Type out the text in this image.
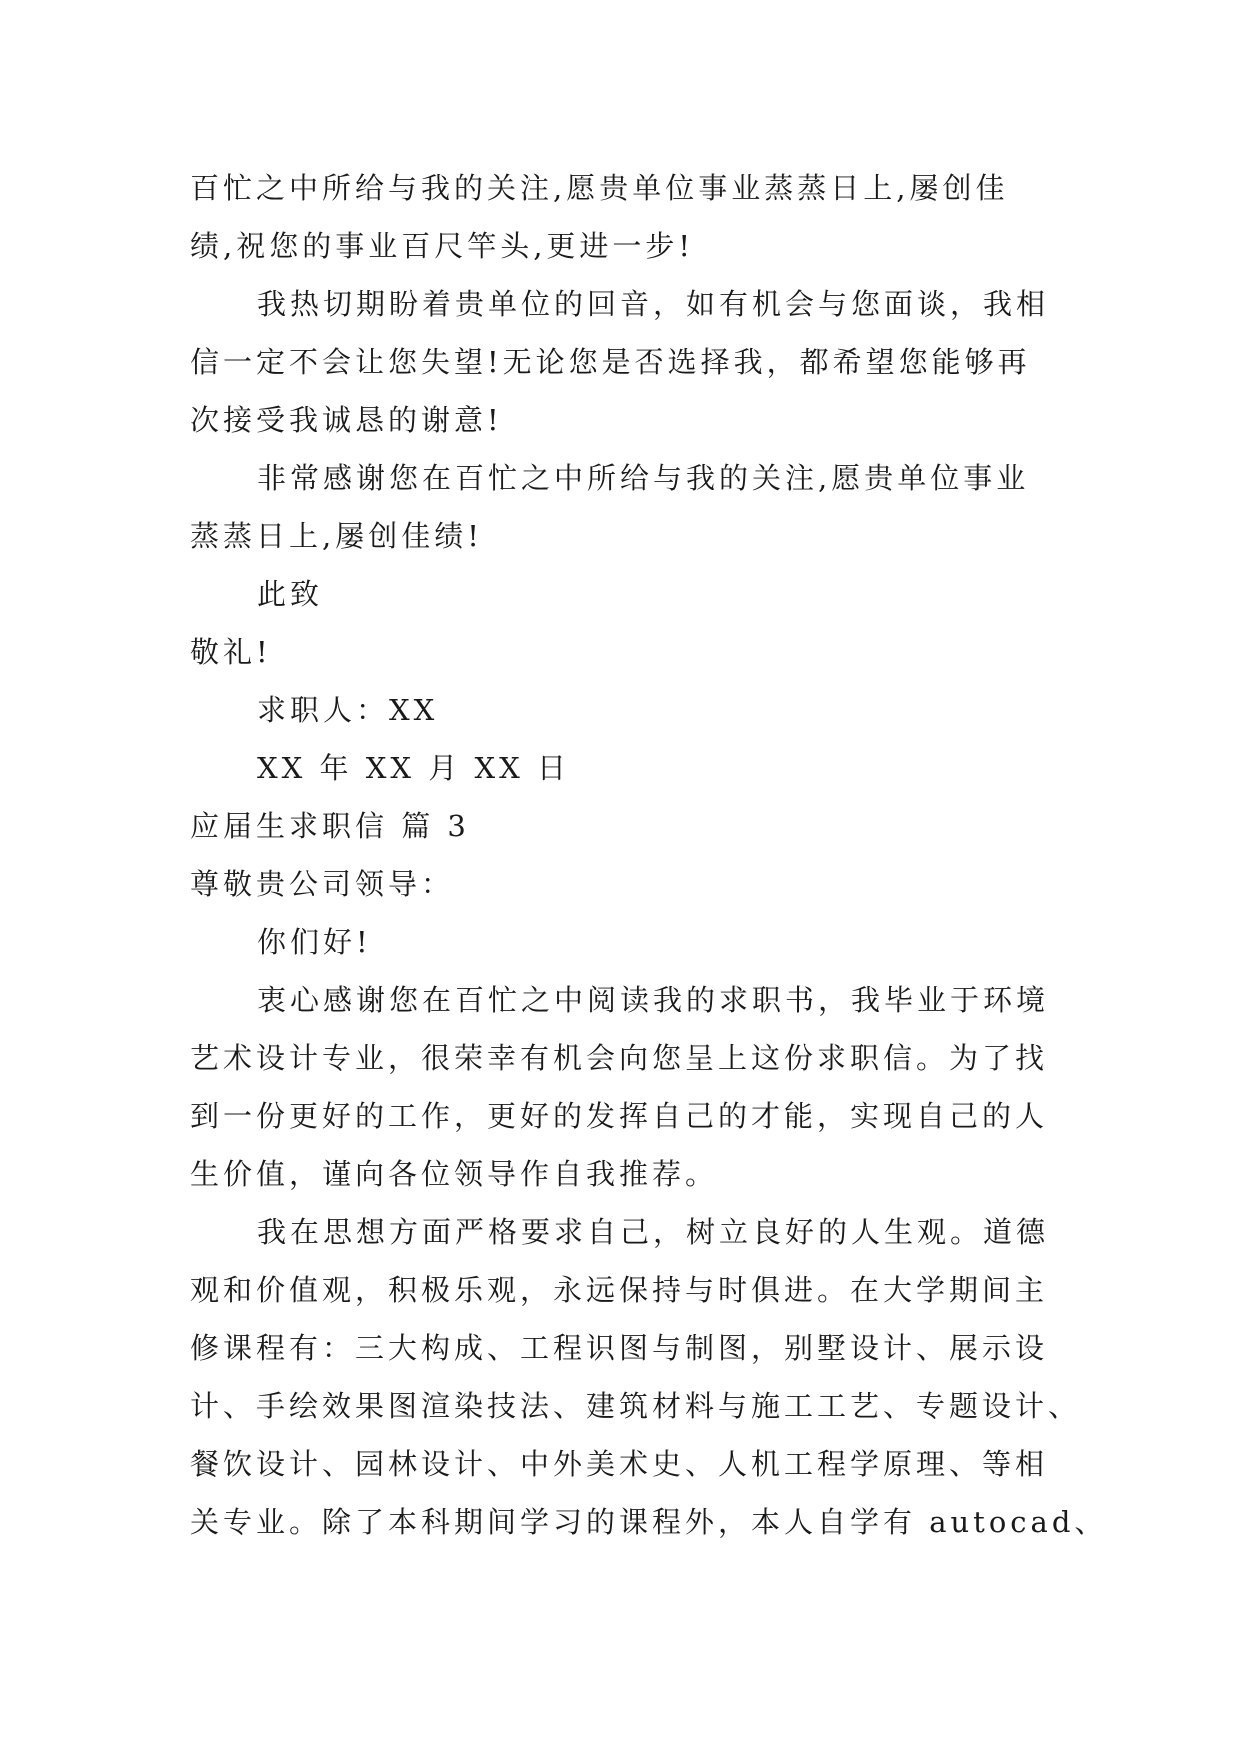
百忙之中所给与我的关注,愿贵单位事业蒸蒸日上,屡创佳
绩,祝您的事业百尺竿头,更进一步!
我热切期盼着贵单位的回音，如有机会与您面谈，我相
信一定不会让您失望!无论您是否选择我，都希望您能够再
次接受我诚恳的谢意!
非常感谢您在百忙之中所给与我的关注,愿贵单位事业
蒸蒸日上,屡创佳绩!
此致
敬礼!
求职人：XX
XX 年 XX 月 XX 日
应届生求职信 篇 3
尊敬贵公司领导：
你们好!
衷心感谢您在百忙之中阅读我的求职书，我毕业于环境
艺术设计专业，很荣幸有机会向您呈上这份求职信。为了找
到一份更好的工作，更好的发挥自己的才能，实现自己的人
生价值，谨向各位领导作自我推荐。
我在思想方面严格要求自己，树立良好的人生观。道德
观和价值观，积极乐观，永远保持与时俱进。在大学期间主
修课程有：三大构成、工程识图与制图，别墅设计、展示设
计、手绘效果图渲染技法、建筑材料与施工工艺、专题设计、
餐饮设计、园林设计、中外美术史、人机工程学原理、等相
关专业。除了本科期间学习的课程外，本人自学有 autocad、
